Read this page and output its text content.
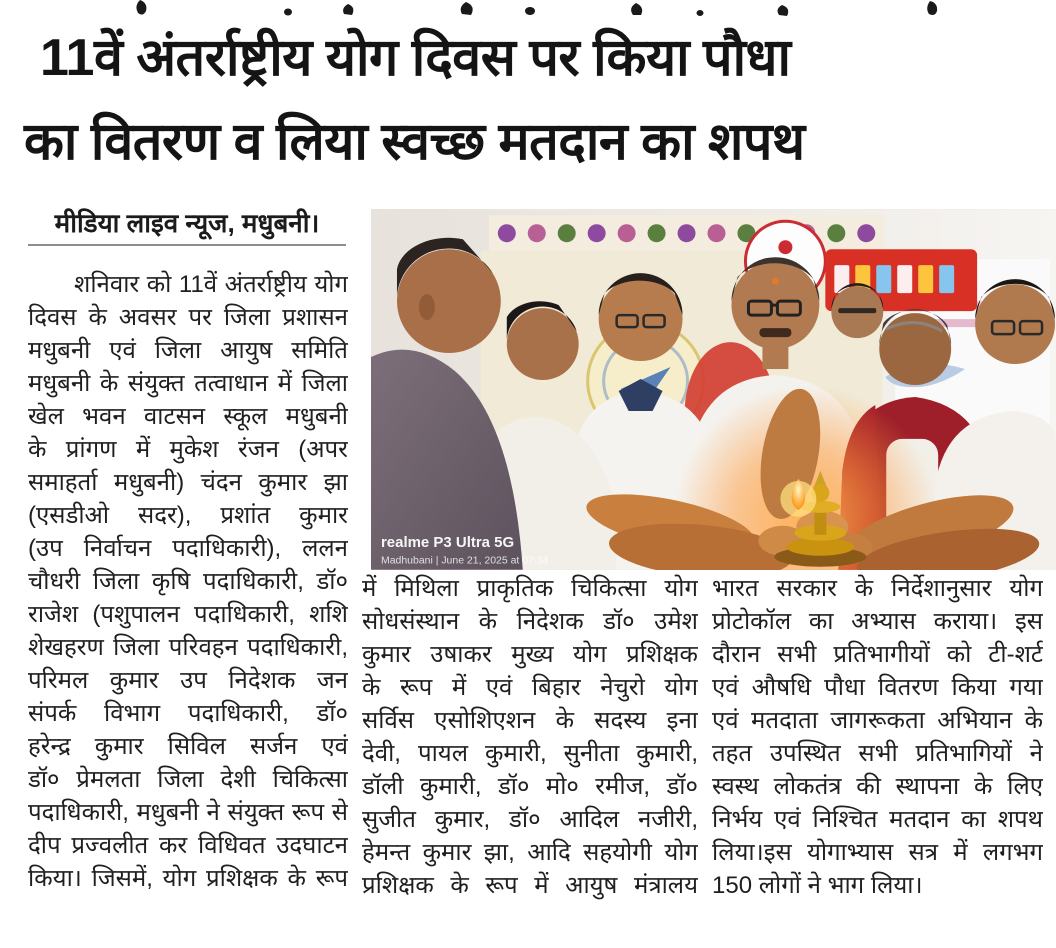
11वें अंतर्राष्ट्रीय योग दिवस पर किया पौधा
का वितरण व लिया स्वच्छ मतदान का शपथ
मीडिया लाइव न्यूज, मधुबनी।
realme P3 Ultra 5G
Madhubani | June 21, 2025 at 07:34
शनिवार को 11वें अंतर्राष्ट्रीय योग
दिवस के अवसर पर जिला प्रशासन
मधुबनी एवं जिला आयुष समिति
मधुबनी के संयुक्त तत्वाधान में जिला
खेल भवन वाटसन स्कूल मधुबनी
के प्रांगण में मुकेश रंजन (अपर
समाहर्ता मधुबनी) चंदन कुमार झा
(एसडीओ सदर), प्रशांत कुमार
(उप निर्वाचन पदाधिकारी), ललन
चौधरी जिला कृषि पदाधिकारी, डॉ०
राजेश (पशुपालन पदाधिकारी, शशि
शेखहरण जिला परिवहन पदाधिकारी,
परिमल कुमार उप निदेशक जन
संपर्क विभाग पदाधिकारी, डॉ०
हरेन्द्र कुमार सिविल सर्जन एवं
डॉ० प्रेमलता जिला देशी चिकित्सा
पदाधिकारी, मधुबनी ने संयुक्त रूप से
दीप प्रज्वलीत कर विधिवत उदघाटन
किया। जिसमें, योग प्रशिक्षक के रूप
में मिथिला प्राकृतिक चिकित्सा योग
सोधसंस्थान के निदेशक डॉ० उमेश
कुमार उषाकर मुख्य योग प्रशिक्षक
के रूप में एवं बिहार नेचुरो योग
सर्विस एसोशिएशन के सदस्य इना
देवी, पायल कुमारी, सुनीता कुमारी,
डॉली कुमारी, डॉ० मो० रमीज, डॉ०
सुजीत कुमार, डॉ० आदिल नजीरी,
हेमन्त कुमार झा, आदि सहयोगी योग
प्रशिक्षक के रूप में आयुष मंत्रालय
भारत सरकार के निर्देशानुसार योग
प्रोटोकॉल का अभ्यास कराया। इस
दौरान सभी प्रतिभागीयों को टी-शर्ट
एवं औषधि पौधा वितरण किया गया
एवं मतदाता जागरूकता अभियान के
तहत उपस्थित सभी प्रतिभागियों ने
स्वस्थ लोकतंत्र की स्थापना के लिए
निर्भय एवं निश्चित मतदान का शपथ
लिया।इस योगाभ्यास सत्र में लगभग
150 लोगों ने भाग लिया।
